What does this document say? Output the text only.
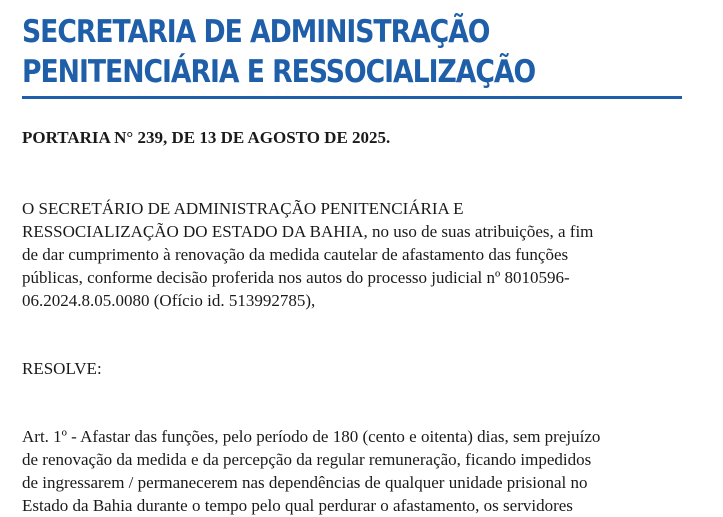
SECRETARIA DE ADMINISTRAÇÃO
PENITENCIÁRIA E RESSOCIALIZAÇÃO

PORTARIA N° 239, DE 13 DE AGOSTO DE 2025.

O SECRETÁRIO DE ADMINISTRAÇÃO PENITENCIÁRIA E
RESSOCIALIZAÇÃO DO ESTADO DA BAHIA, no uso de suas atribuições, a fim
de dar cumprimento à renovação da medida cautelar de afastamento das funções
públicas, conforme decisão proferida nos autos do processo judicial nº 8010596-
06.2024.8.05.0080 (Ofício id. 513992785),

RESOLVE:

Art. 1º - Afastar das funções, pelo período de 180 (cento e oitenta) dias, sem prejuízo
de renovação da medida e da percepção da regular remuneração, ficando impedidos
de ingressarem / permanecerem nas dependências de qualquer unidade prisional no
Estado da Bahia durante o tempo pelo qual perdurar o afastamento, os servidores
